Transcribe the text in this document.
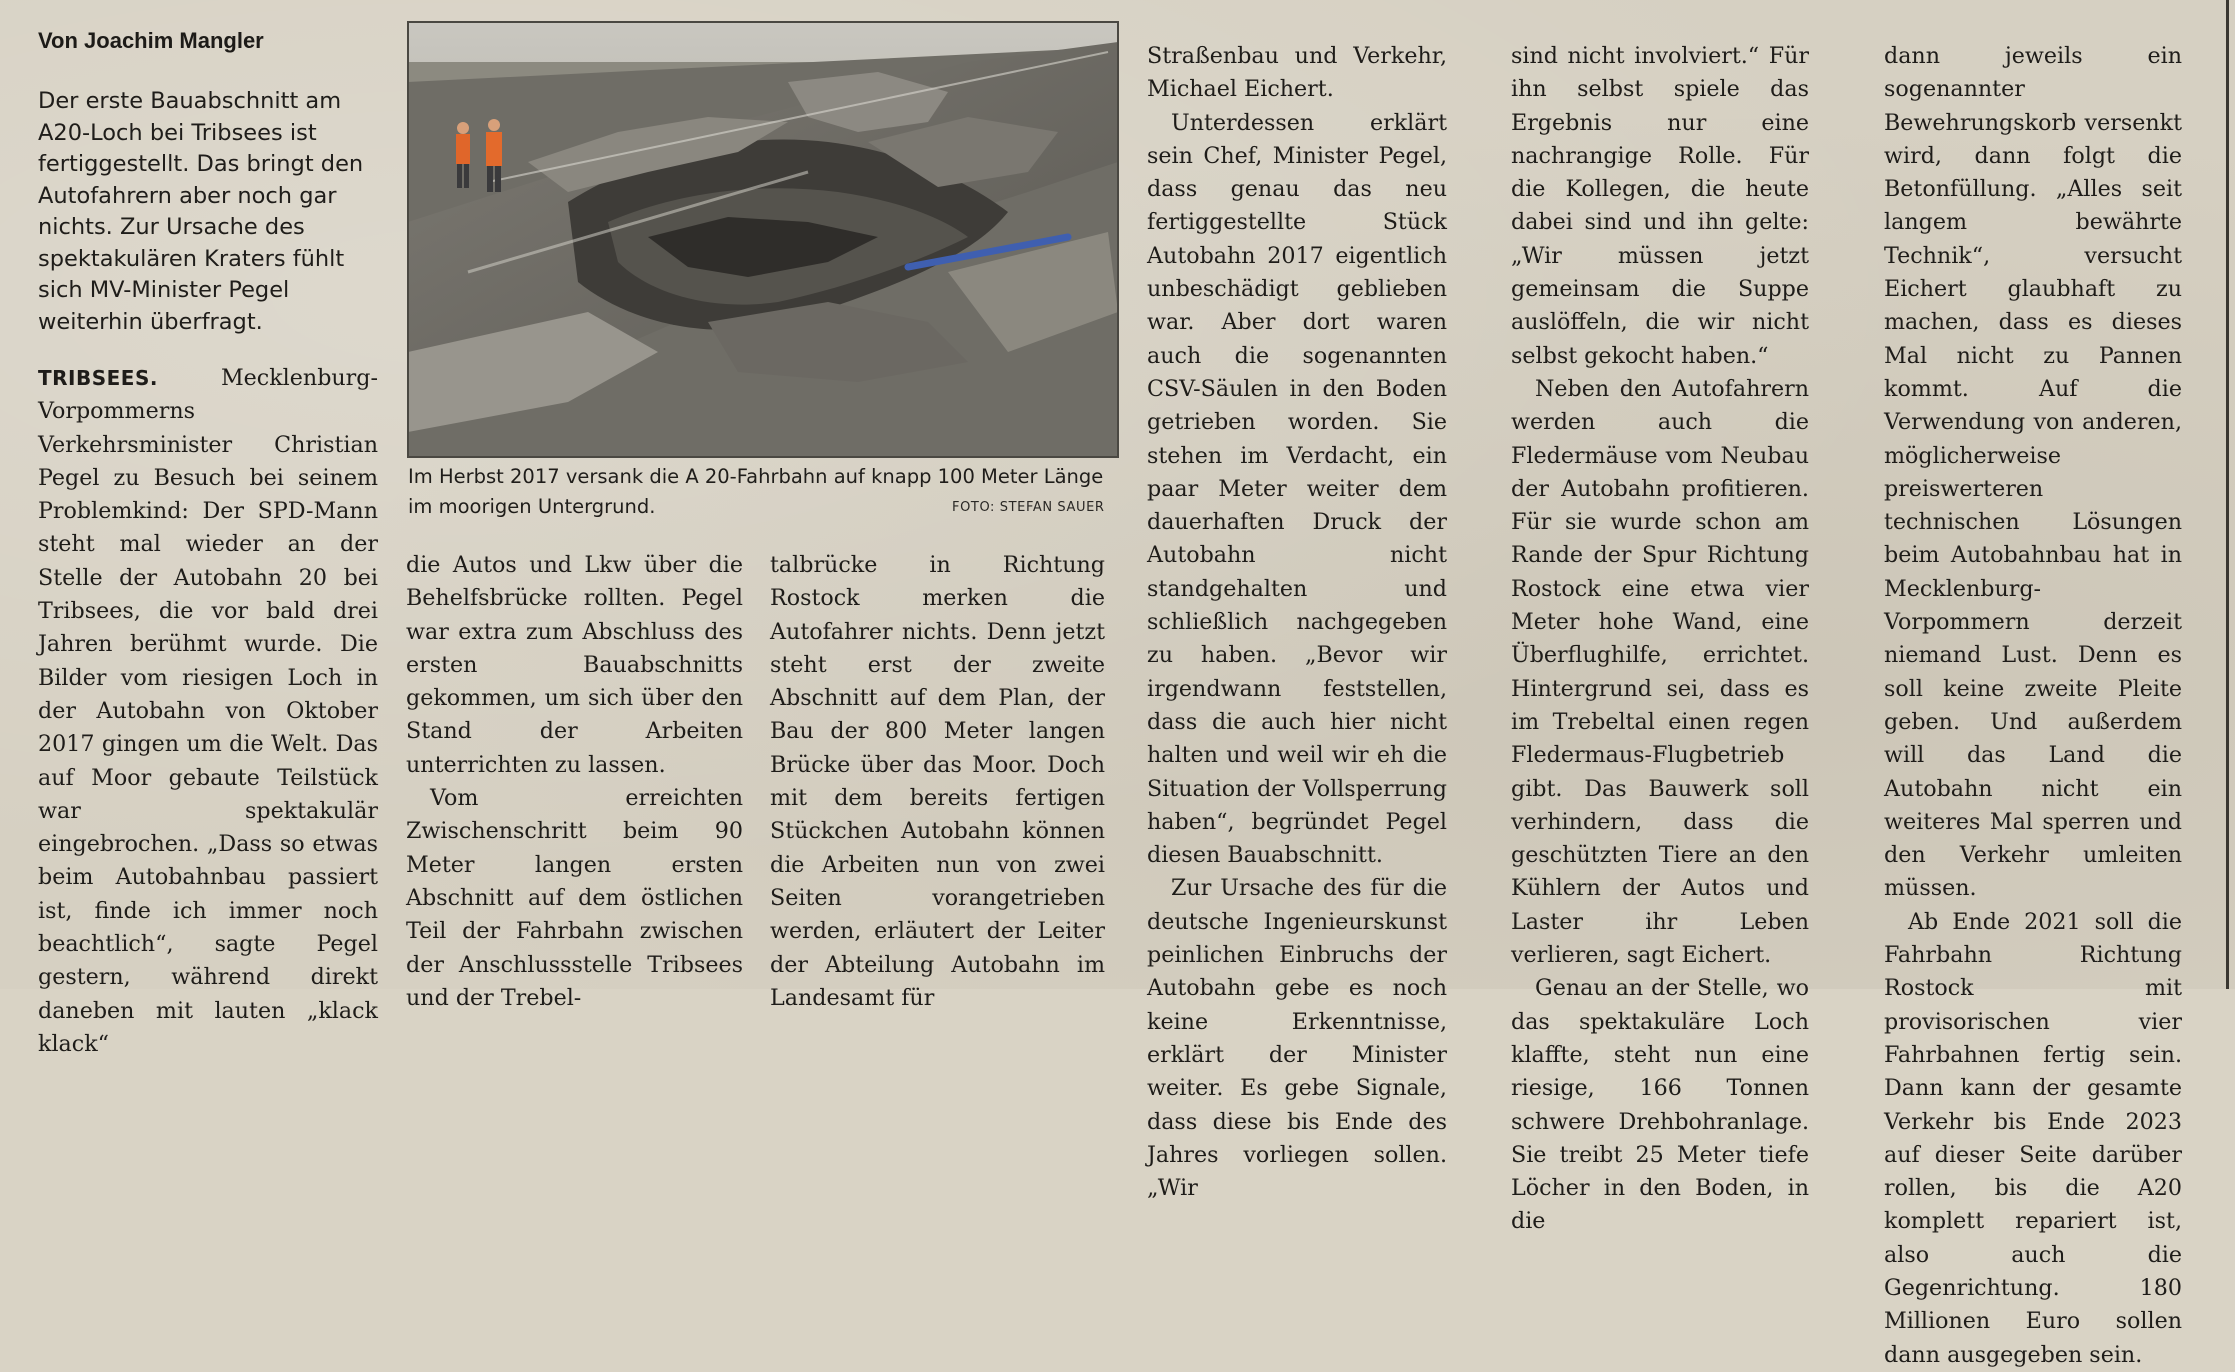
Von Joachim Mangler
Der erste Bauabschnitt am A20-Loch bei Tribsees ist fertiggestellt. Das bringt den Autofahrern aber noch gar nichts. Zur Ursache des spektakulären Kraters fühlt sich MV-Minister Pegel weiterhin überfragt.
Im Herbst 2017 versank die A 20-Fahrbahn auf knapp 100 Meter Länge im moorigen Untergrund.	FOTO: STEFAN SAUER

TRIBSEES.	Mecklenburg-Vorpommerns Verkehrsminister Christian Pegel zu Besuch bei seinem Problemkind: Der SPD-Mann steht mal wieder an der Stelle der Autobahn 20 bei Tribsees, die vor bald drei Jahren berühmt wurde. Die Bilder vom riesigen Loch in der Autobahn von Oktober 2017 gingen um die Welt. Das auf Moor gebaute Teilstück war spektakulär eingebrochen. „Dass so etwas beim Autobahnbau passiert ist, finde ich immer noch beachtlich“, sagte Pegel gestern, während direkt daneben mit lauten „klack klack“

die Autos und Lkw über die Behelfsbrücke rollten. Pegel war extra zum Abschluss des ersten Bauabschnitts gekommen, um sich über den Stand der Arbeiten unterrichten zu lassen.

Vom erreichten Zwischenschritt beim 90 Meter langen ersten Abschnitt auf dem östlichen Teil der Fahrbahn zwischen der Anschlussstelle Tribsees und der Trebel-

talbrücke in Richtung Rostock merken die Autofahrer nichts. Denn jetzt steht erst der zweite Abschnitt auf dem Plan, der Bau der 800 Meter langen Brücke über das Moor. Doch mit dem bereits fertigen Stückchen Autobahn können die Arbeiten nun von zwei Seiten vorangetrieben werden, erläutert der Leiter der Abteilung Autobahn im Landesamt für

Straßenbau und Verkehr, Michael Eichert.

Unterdessen erklärt sein Chef, Minister Pegel, dass genau das neu fertiggestellte Stück Autobahn 2017 eigentlich unbeschädigt geblieben war. Aber dort waren auch die sogenannten CSV-Säulen in den Boden getrieben worden. Sie stehen im Verdacht, ein paar Meter weiter dem dauerhaften Druck der Autobahn nicht standgehalten und schließlich nachgegeben zu haben. „Bevor wir irgendwann feststellen, dass die auch hier nicht halten und weil wir eh die Situation der Vollsperrung haben“, begründet Pegel diesen Bauabschnitt.

Zur Ursache des für die deutsche Ingenieurskunst peinlichen Einbruchs der Autobahn gebe es noch keine Erkenntnisse, erklärt der Minister weiter. Es gebe Signale, dass diese bis Ende des Jahres vorliegen sollen. „Wir

sind nicht involviert.“ Für ihn selbst spiele das Ergebnis nur eine nachrangige Rolle. Für die Kollegen, die heute dabei sind und ihn gelte: „Wir müssen jetzt gemeinsam die Suppe auslöffeln, die wir nicht selbst gekocht haben.“

Neben den Autofahrern werden auch die Fledermäuse vom Neubau der Autobahn profitieren. Für sie wurde schon am Rande der Spur Richtung Rostock eine etwa vier Meter hohe Wand, eine Überflughilfe, errichtet. Hintergrund sei, dass es im Trebeltal einen regen Fledermaus-Flugbetrieb gibt. Das Bauwerk soll verhindern, dass die geschützten Tiere an den Kühlern der Autos und Laster ihr Leben verlieren, sagt Eichert.

Genau an der Stelle, wo das spektakuläre Loch klaffte, steht nun eine riesige, 166 Tonnen schwere Drehbohranlage. Sie treibt 25 Meter tiefe Löcher in den Boden, in die

dann jeweils ein sogenannter Bewehrungskorb versenkt wird, dann folgt die Betonfüllung. „Alles seit langem bewährte Technik“, versucht Eichert glaubhaft zu machen, dass es dieses Mal nicht zu Pannen kommt. Auf die Verwendung von anderen, möglicherweise preiswerteren technischen Lösungen beim Autobahnbau hat in Mecklenburg-Vorpommern derzeit niemand Lust. Denn es soll keine zweite Pleite geben. Und außerdem will das Land die Autobahn nicht ein weiteres Mal sperren und den Verkehr umleiten müssen.

Ab Ende 2021 soll die Fahrbahn Richtung Rostock mit provisorischen vier Fahrbahnen fertig sein. Dann kann der gesamte Verkehr bis Ende 2023 auf dieser Seite darüber rollen, bis die A20 komplett repariert ist, also auch die Gegenrichtung. 180 Millionen Euro sollen dann ausgegeben sein.
